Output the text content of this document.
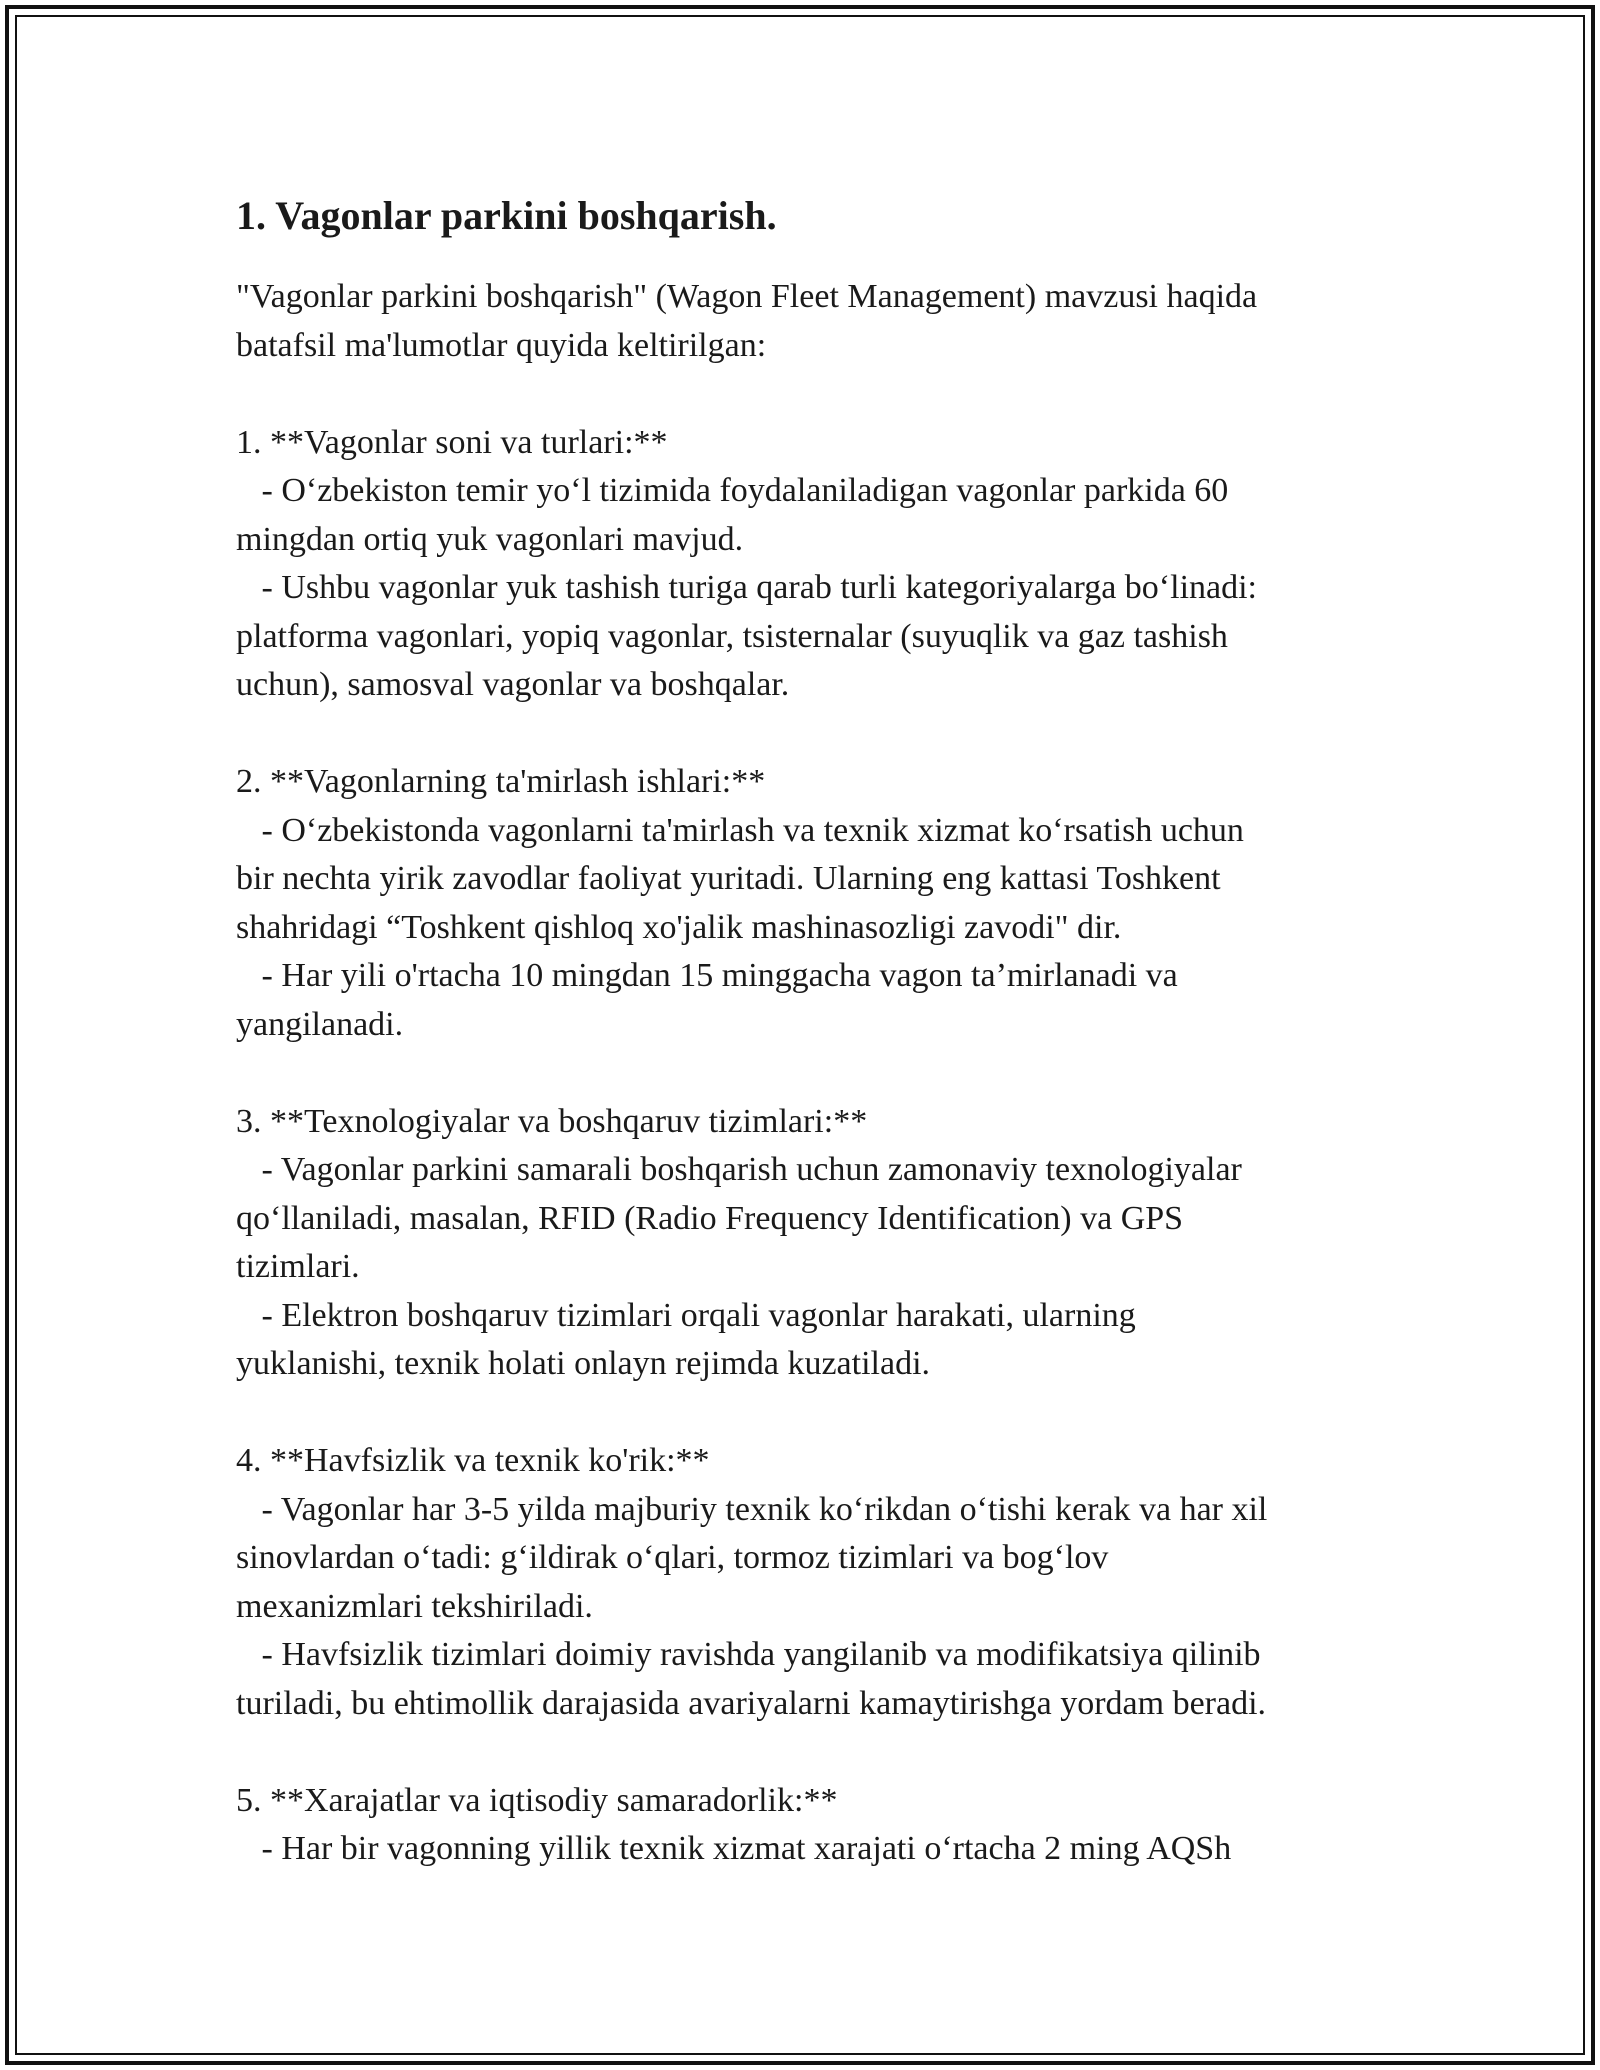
1. Vagonlar parkini boshqarish.
"Vagonlar parkini boshqarish" (Wagon Fleet Management) mavzusi haqida
batafsil ma'lumotlar quyida keltirilgan:
1. **Vagonlar soni va turlari:**
- O‘zbekiston temir yo‘l tizimida foydalaniladigan vagonlar parkida 60
mingdan ortiq yuk vagonlari mavjud.
- Ushbu vagonlar yuk tashish turiga qarab turli kategoriyalarga bo‘linadi:
platforma vagonlari, yopiq vagonlar, tsisternalar (suyuqlik va gaz tashish
uchun), samosval vagonlar va boshqalar.
2. **Vagonlarning ta'mirlash ishlari:**
- O‘zbekistonda vagonlarni ta'mirlash va texnik xizmat ko‘rsatish uchun
bir nechta yirik zavodlar faoliyat yuritadi. Ularning eng kattasi Toshkent
shahridagi “Toshkent qishloq xo'jalik mashinasozligi zavodi" dir.
- Har yili o'rtacha 10 mingdan 15 minggacha vagon ta’mirlanadi va
yangilanadi.
3. **Texnologiyalar va boshqaruv tizimlari:**
- Vagonlar parkini samarali boshqarish uchun zamonaviy texnologiyalar
qo‘llaniladi, masalan, RFID (Radio Frequency Identification) va GPS
tizimlari.
- Elektron boshqaruv tizimlari orqali vagonlar harakati, ularning
yuklanishi, texnik holati onlayn rejimda kuzatiladi.
4. **Havfsizlik va texnik ko'rik:**
- Vagonlar har 3-5 yilda majburiy texnik ko‘rikdan o‘tishi kerak va har xil
sinovlardan o‘tadi: g‘ildirak o‘qlari, tormoz tizimlari va bog‘lov
mexanizmlari tekshiriladi.
- Havfsizlik tizimlari doimiy ravishda yangilanib va modifikatsiya qilinib
turiladi, bu ehtimollik darajasida avariyalarni kamaytirishga yordam beradi.
5. **Xarajatlar va iqtisodiy samaradorlik:**
- Har bir vagonning yillik texnik xizmat xarajati o‘rtacha 2 ming AQSh
